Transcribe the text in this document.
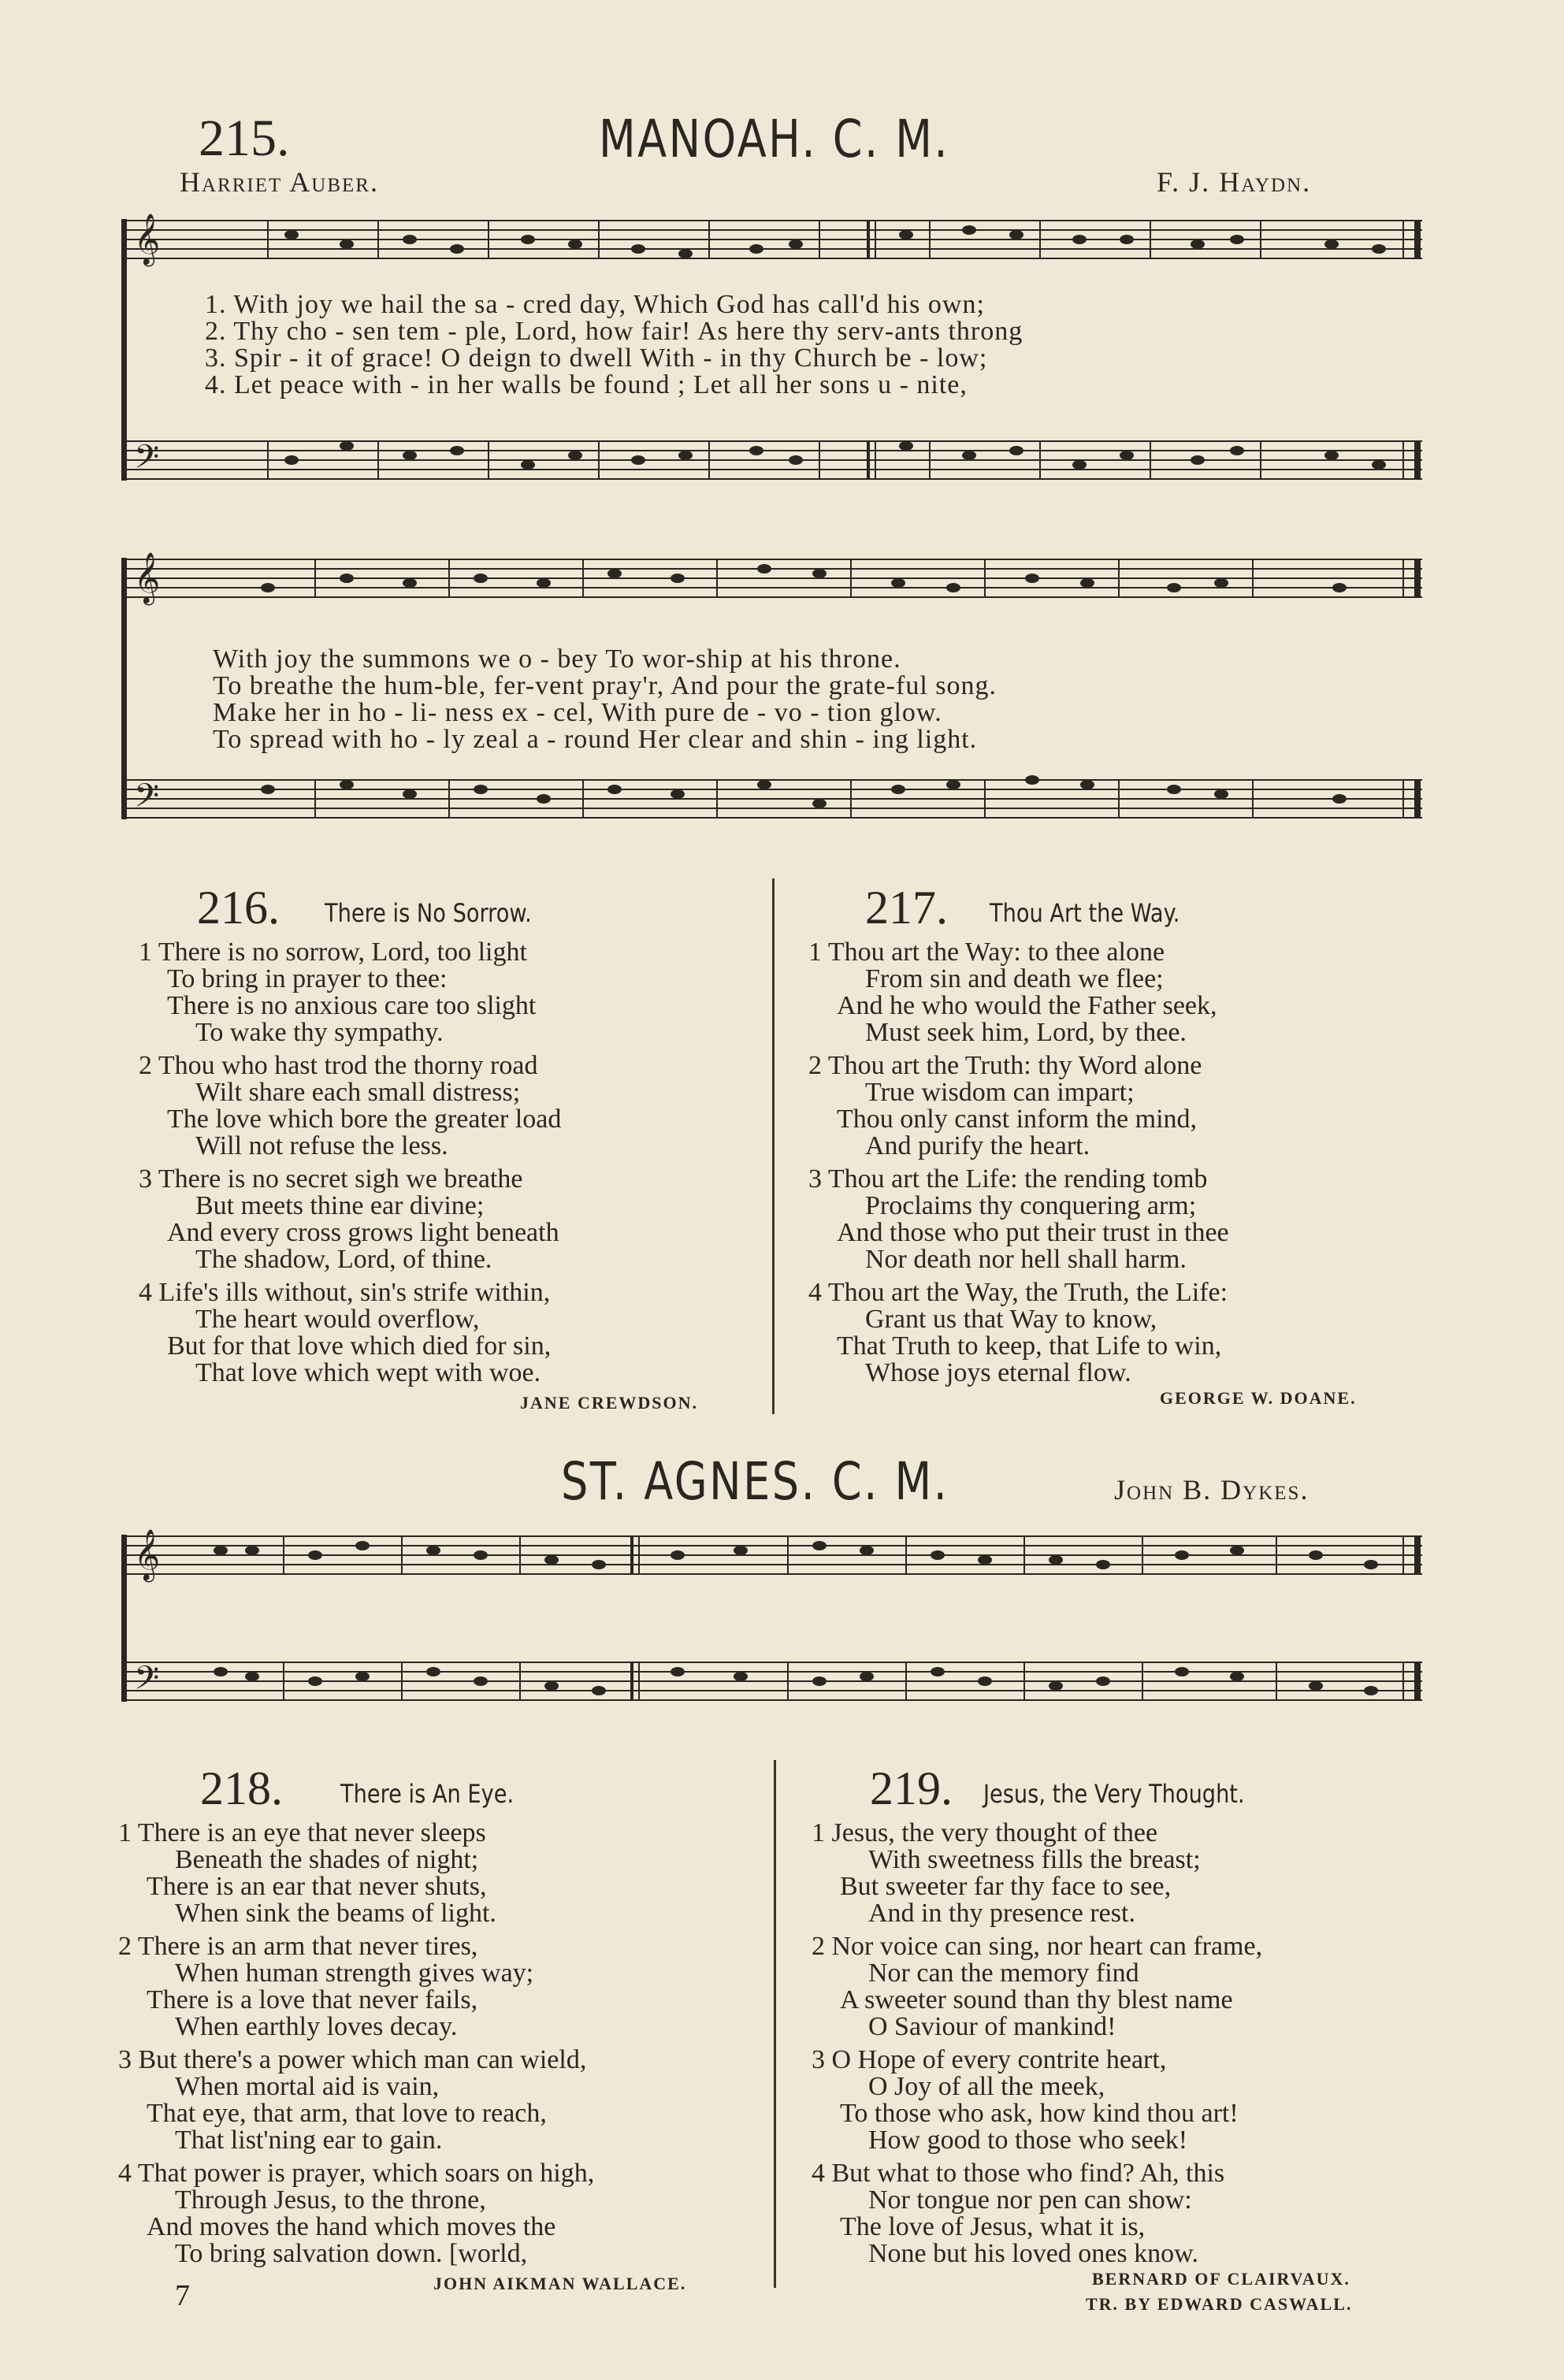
215.	MANOAH. C. M.
Harriet Auber.	F. J. Haydn.
𝄞
𝄢
1. With joy we hail the sa - cred day, Which God has call'd his own;
2. Thy cho - sen tem - ple, Lord, how fair! As here thy serv-ants throng
3. Spir - it of grace! O deign to dwell With - in thy Church be - low;
4. Let peace with - in her walls be found ; Let all her sons u - nite,
𝄞
𝄢
With joy the summons we o - bey To wor-ship at his throne.
To breathe the hum-ble, fer-vent pray'r, And pour the grate-ful song.
Make her in ho - li- ness ex - cel, With pure de - vo - tion glow.
To spread with ho - ly zeal a - round Her clear and shin - ing light.
216. There is No Sorrow.
1 There is no sorrow, Lord, too light
To bring in prayer to thee:
There is no anxious care too slight
To wake thy sympathy.
2 Thou who hast trod the thorny road
Wilt share each small distress;
The love which bore the greater load
Will not refuse the less.
3 There is no secret sigh we breathe
But meets thine ear divine;
And every cross grows light beneath
The shadow, Lord, of thine.
4 Life's ills without, sin's strife within,
The heart would overflow,
But for that love which died for sin,
That love which wept with woe.
JANE CREWDSON.
217. Thou Art the Way.
1 Thou art the Way: to thee alone
From sin and death we flee;
And he who would the Father seek,
Must seek him, Lord, by thee.
2 Thou art the Truth: thy Word alone
True wisdom can impart;
Thou only canst inform the mind,
And purify the heart.
3 Thou art the Life: the rending tomb
Proclaims thy conquering arm;
And those who put their trust in thee
Nor death nor hell shall harm.
4 Thou art the Way, the Truth, the Life:
Grant us that Way to know,
That Truth to keep, that Life to win,
Whose joys eternal flow.
GEORGE W. DOANE.
ST. AGNES. C. M.	John B. Dykes.
𝄞
𝄢
218. There is An Eye.
1 There is an eye that never sleeps
Beneath the shades of night;
There is an ear that never shuts,
When sink the beams of light.
2 There is an arm that never tires,
When human strength gives way;
There is a love that never fails,
When earthly loves decay.
3 But there's a power which man can wield,
When mortal aid is vain,
That eye, that arm, that love to reach,
That list'ning ear to gain.
4 That power is prayer, which soars on high,
Through Jesus, to the throne,
And moves the hand which moves the
To bring salvation down. [world,
JOHN AIKMAN WALLACE.
7
219. Jesus, the Very Thought.
1 Jesus, the very thought of thee
With sweetness fills the breast;
But sweeter far thy face to see,
And in thy presence rest.
2 Nor voice can sing, nor heart can frame,
Nor can the memory find
A sweeter sound than thy blest name
O Saviour of mankind!
3 O Hope of every contrite heart,
O Joy of all the meek,
To those who ask, how kind thou art!
How good to those who seek!
4 But what to those who find? Ah, this
Nor tongue nor pen can show:
The love of Jesus, what it is,
None but his loved ones know.
BERNARD OF CLAIRVAUX.
TR. BY EDWARD CASWALL.
